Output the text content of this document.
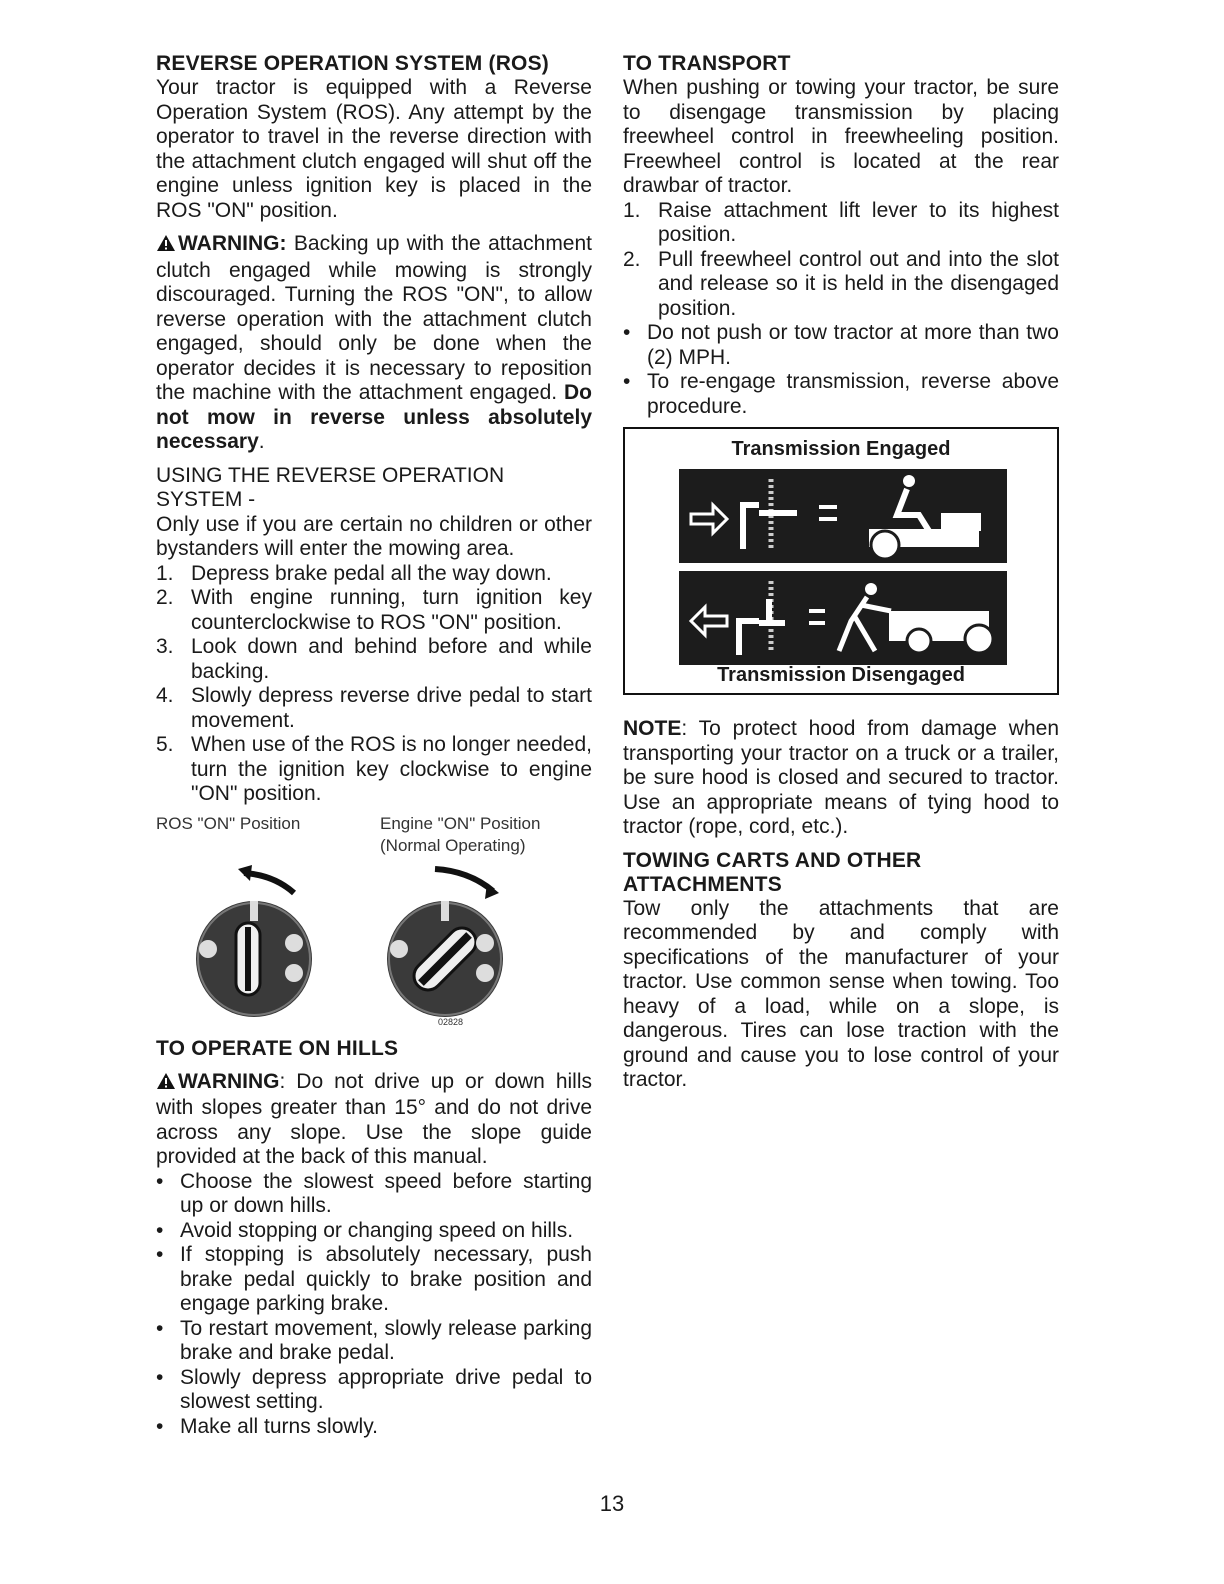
REVERSE OPERATION SYSTEM (ROS)

Your tractor is equipped with a Reverse Operation System (ROS). Any attempt by the operator to travel in the reverse direction with the attachment clutch engaged will shut off the engine unless ignition key is placed in the ROS "ON" position.

WARNING: Backing up with the attachment clutch engaged while mowing is strongly discouraged. Turning the ROS "ON", to allow reverse operation with the attachment clutch engaged, should only be done when the operator decides it is necessary to reposition the machine with the attachment engaged. Do not mow in reverse unless absolutely necessary.

USING THE REVERSE OPERATION SYSTEM -

Only use if you are certain no children or other bystanders will enter the mowing area.

1. Depress brake pedal all the way down.
2. With engine running, turn ignition key counterclockwise to ROS "ON" position.
3. Look down and behind before and while backing.
4. Slowly depress reverse drive pedal to start movement.
5. When use of the ROS is no longer needed, turn the ignition key clockwise to engine "ON" position.
ROS "ON" Position	Engine "ON" Position
(Normal Operating)
02828
TO OPERATE ON HILLS

WARNING: Do not drive up or down hills with slopes greater than 15° and do not drive across any slope. Use the slope guide provided at the back of this manual.

• Choose the slowest speed before starting up or down hills.
• Avoid stopping or changing speed on hills.
• If stopping is absolutely necessary, push brake pedal quickly to brake position and engage parking brake.
• To restart movement, slowly release parking brake and brake pedal.
• Slowly depress appropriate drive pedal to slowest setting.
• Make all turns slowly.
TO TRANSPORT

When pushing or towing your tractor, be sure to disengage transmission by placing freewheel control in freewheeling position. Freewheel control is located at the rear drawbar of tractor.

1. Raise attachment lift lever to its highest position.
2. Pull freewheel control out and into the slot and release so it is held in the disengaged position.
• Do not push or tow tractor at more than two (2) MPH.
• To re-engage transmission, reverse above procedure.
Transmission Engaged
Transmission Disengaged

NOTE: To protect hood from damage when transporting your tractor on a truck or a trailer, be sure hood is closed and secured to tractor. Use an appropriate means of tying hood to tractor (rope, cord, etc.).

TOWING CARTS AND OTHER ATTACHMENTS

Tow only the attachments that are recommended by and comply with specifications of the manufacturer of your tractor. Use common sense when towing. Too heavy of a load, while on a slope, is dangerous. Tires can lose traction with the ground and cause you to lose control of your tractor.

13
